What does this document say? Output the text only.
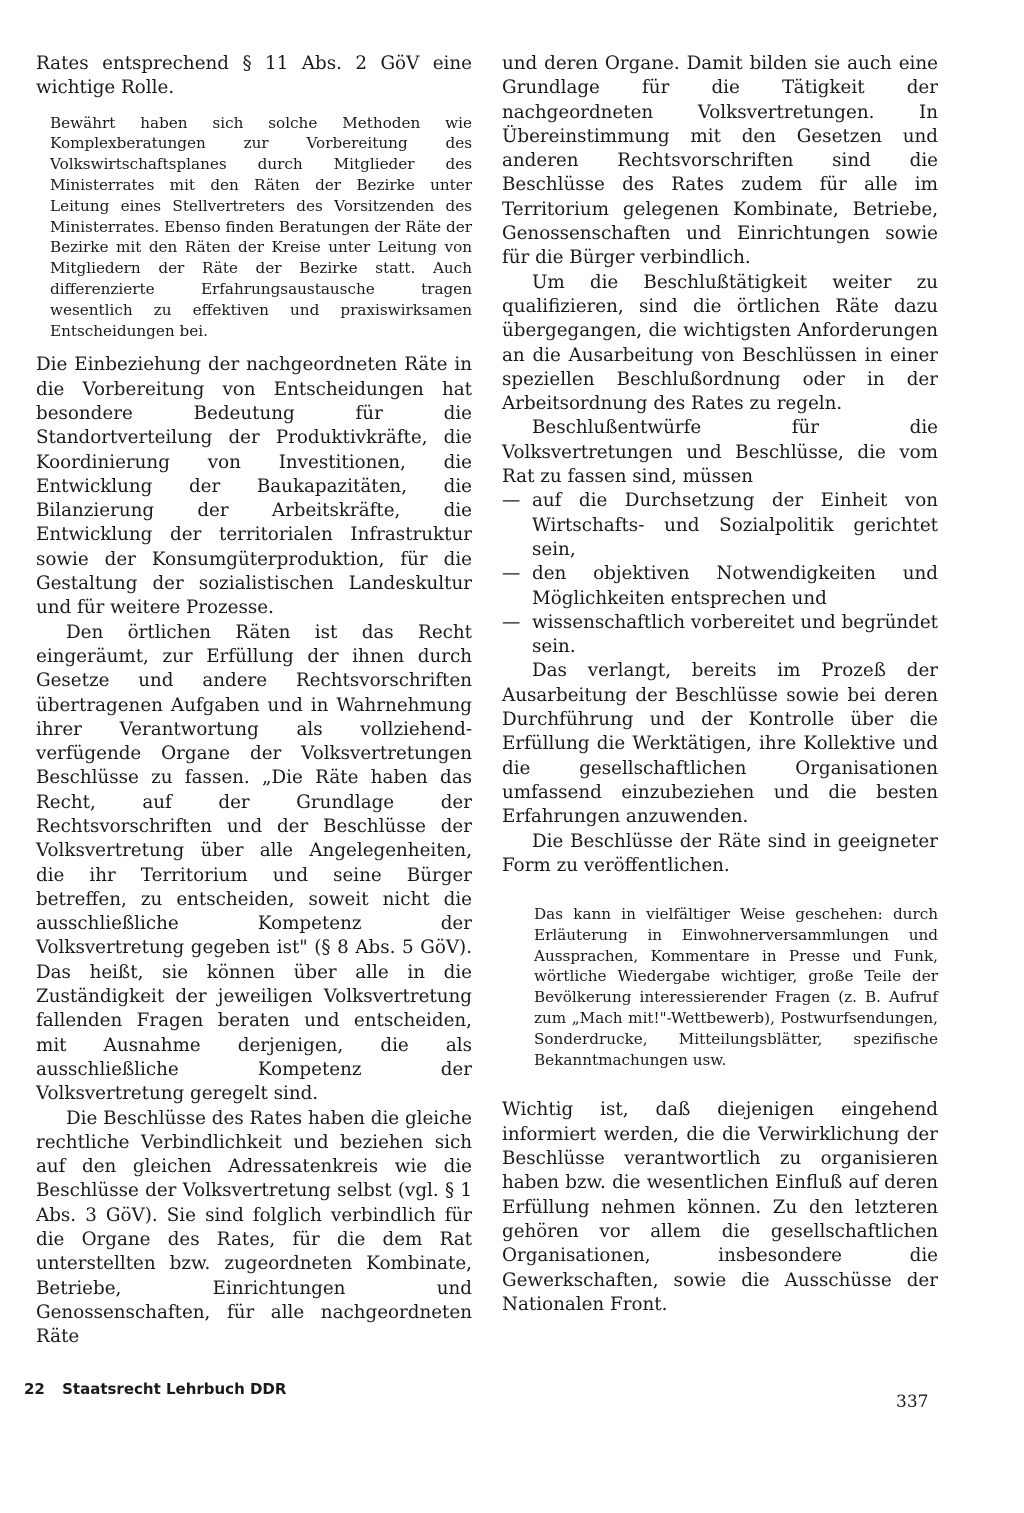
Rates entsprechend § 11 Abs. 2 GöV eine wichtige Rolle.

Bewährt haben sich solche Methoden wie Komplexberatungen zur Vorbereitung des Volkswirtschaftsplanes durch Mitglieder des Ministerrates mit den Räten der Bezirke unter Leitung eines Stellvertreters des Vorsitzenden des Ministerrates. Ebenso finden Beratungen der Räte der Bezirke mit den Räten der Kreise unter Leitung von Mitgliedern der Räte der Bezirke statt. Auch differenzierte Erfahrungsaustausche tragen wesentlich zu effektiven und praxiswirksamen Entscheidungen bei.

Die Einbeziehung der nachgeordneten Räte in die Vorbereitung von Entscheidungen hat besondere Bedeutung für die Standortverteilung der Produktivkräfte, die Koordinierung von Investitionen, die Entwicklung der Baukapazitäten, die Bilanzierung der Arbeitskräfte, die Entwicklung der territorialen Infrastruktur sowie der Konsumgüterproduktion, für die Gestaltung der sozialistischen Landeskultur und für weitere Prozesse.

Den örtlichen Räten ist das Recht eingeräumt, zur Erfüllung der ihnen durch Gesetze und andere Rechtsvorschriften übertragenen Aufgaben und in Wahrnehmung ihrer Verantwortung als vollziehend-verfügende Organe der Volksvertretungen Beschlüsse zu fassen. „Die Räte haben das Recht, auf der Grundlage der Rechtsvorschriften und der Beschlüsse der Volksvertretung über alle Angelegenheiten, die ihr Territorium und seine Bürger betreffen, zu entscheiden, soweit nicht die ausschließliche Kompetenz der Volksvertretung gegeben ist" (§ 8 Abs. 5 GöV). Das heißt, sie können über alle in die Zuständigkeit der jeweiligen Volksvertretung fallenden Fragen beraten und entscheiden, mit Ausnahme derjenigen, die als ausschließliche Kompetenz der Volksvertretung geregelt sind.

Die Beschlüsse des Rates haben die gleiche rechtliche Verbindlichkeit und beziehen sich auf den gleichen Adressatenkreis wie die Beschlüsse der Volksvertretung selbst (vgl. § 1 Abs. 3 GöV). Sie sind folglich verbindlich für die Organe des Rates, für die dem Rat unterstellten bzw. zugeordneten Kombinate, Betriebe, Einrichtungen und Genossenschaften, für alle nachgeordneten Räte

und deren Organe. Damit bilden sie auch eine Grundlage für die Tätigkeit der nachgeordneten Volksvertretungen. In Übereinstimmung mit den Gesetzen und anderen Rechtsvorschriften sind die Beschlüsse des Rates zudem für alle im Territorium gelegenen Kombinate, Betriebe, Genossenschaften und Einrichtungen sowie für die Bürger verbindlich.

Um die Beschlußtätigkeit weiter zu qualifizieren, sind die örtlichen Räte dazu übergegangen, die wichtigsten Anforderungen an die Ausarbeitung von Beschlüssen in einer speziellen Beschlußordnung oder in der Arbeitsordnung des Rates zu regeln.

Beschlußentwürfe für die Volksvertretungen und Beschlüsse, die vom Rat zu fassen sind, müssen

— auf die Durchsetzung der Einheit von Wirtschafts- und Sozialpolitik gerichtet sein,
— den objektiven Notwendigkeiten und Möglichkeiten entsprechen und
— wissenschaftlich vorbereitet und begründet sein.

Das verlangt, bereits im Prozeß der Ausarbeitung der Beschlüsse sowie bei deren Durchführung und der Kontrolle über die Erfüllung die Werktätigen, ihre Kollektive und die gesellschaftlichen Organisationen umfassend einzubeziehen und die besten Erfahrungen anzuwenden.

Die Beschlüsse der Räte sind in geeigneter Form zu veröffentlichen.

Das kann in vielfältiger Weise geschehen: durch Erläuterung in Einwohnerversammlungen und Aussprachen, Kommentare in Presse und Funk, wörtliche Wiedergabe wichtiger, große Teile der Bevölkerung interessierender Fragen (z. B. Aufruf zum „Mach mit!"-Wettbewerb), Postwurfsendungen, Sonderdrucke, Mitteilungsblätter, spezifische Bekanntmachungen usw.

Wichtig ist, daß diejenigen eingehend informiert werden, die die Verwirklichung der Beschlüsse verantwortlich zu organisieren haben bzw. die wesentlichen Einfluß auf deren Erfüllung nehmen können. Zu den letzteren gehören vor allem die gesellschaftlichen Organisationen, insbesondere die Gewerkschaften, sowie die Ausschüsse der Nationalen Front.

22 Staatsrecht Lehrbuch DDR
337
